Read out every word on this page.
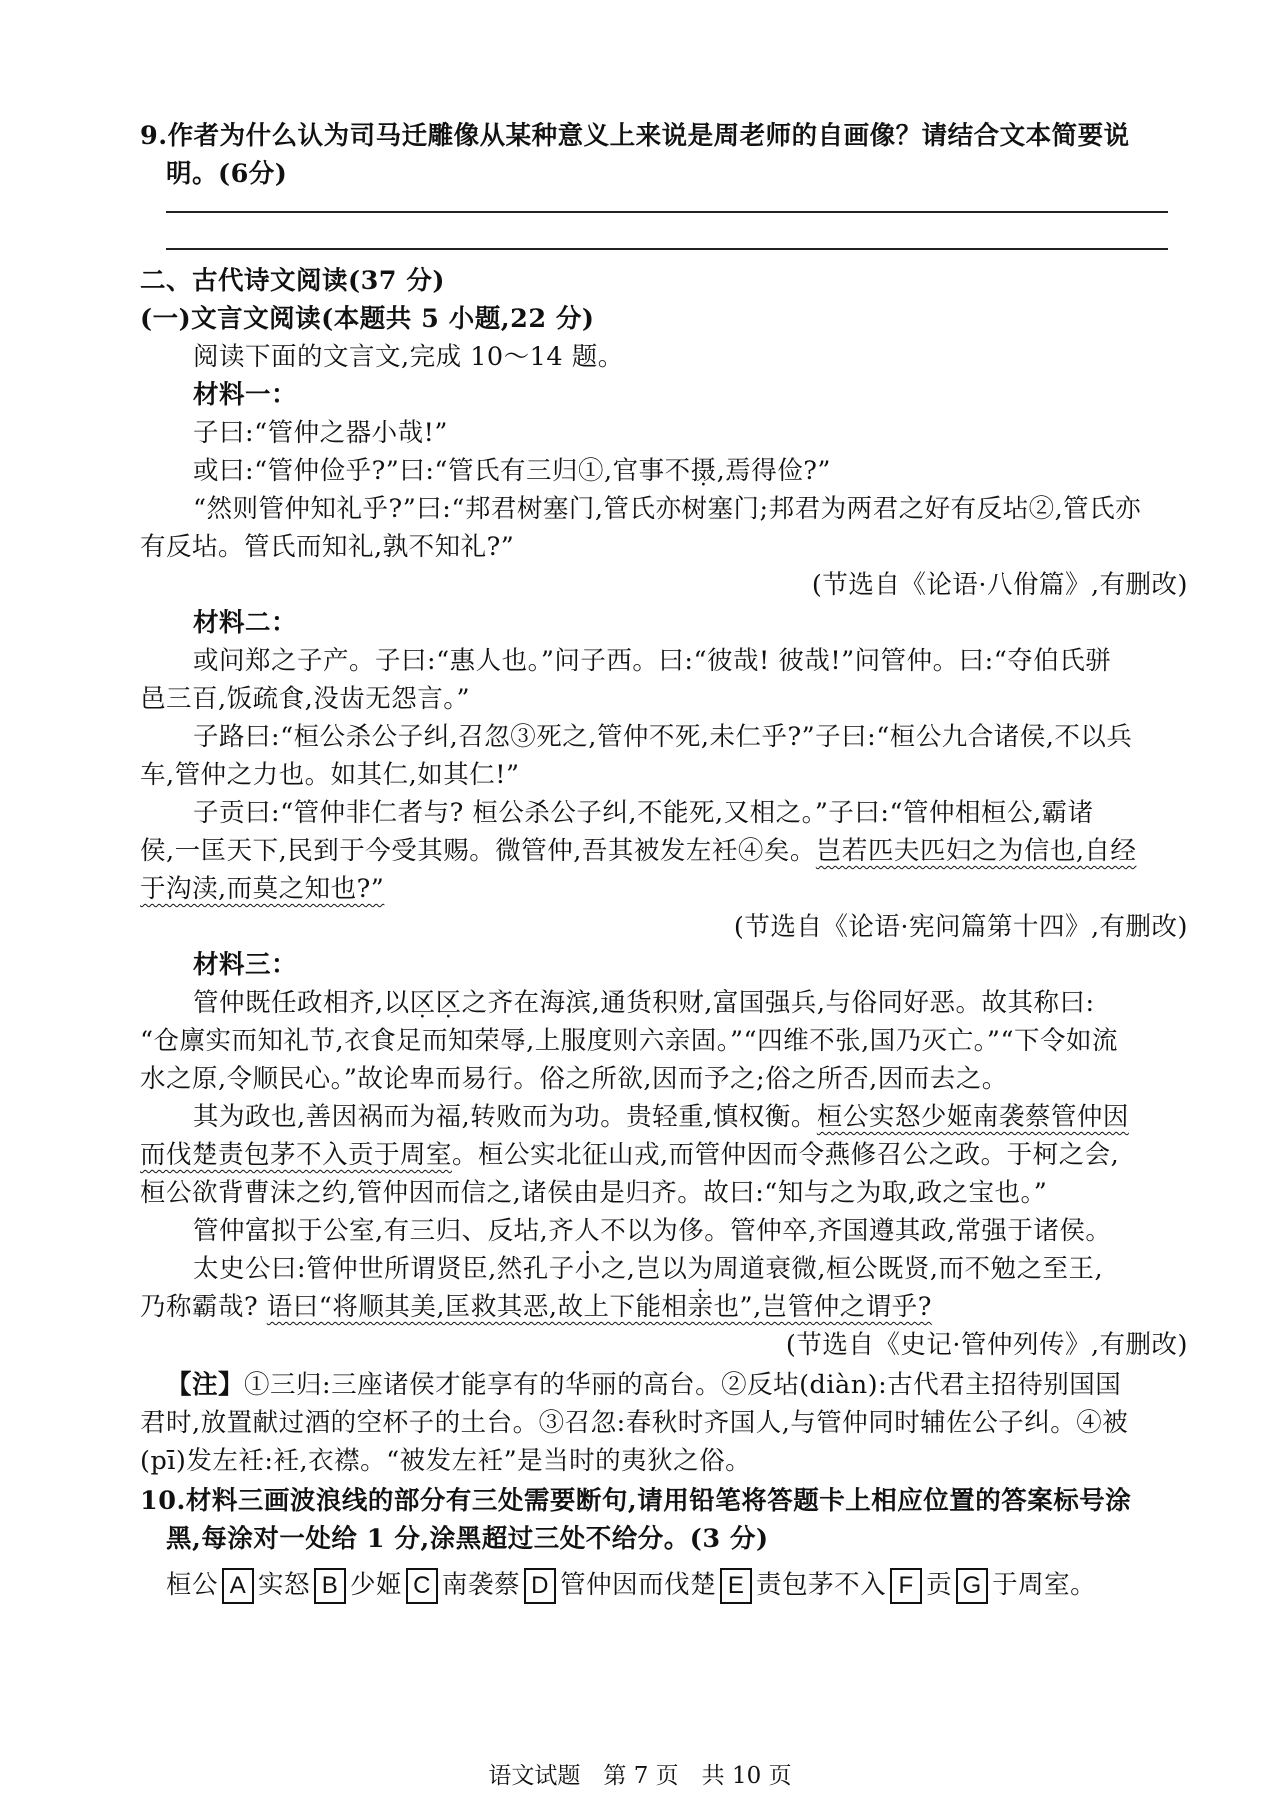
9.作者为什么认为司马迁雕像从某种意义上来说是周老师的自画像？请结合文本简要说
明。(6分)
二、古代诗文阅读(37 分)
(一)文言文阅读(本题共 5 小题,22 分)
阅读下面的文言文,完成 10～14 题。
材料一：
子曰:“管仲之器小哉!”
或曰:“管仲俭乎?”曰:“管氏有三归①,官事不摄,焉得俭?”
“然则管仲知礼乎?”曰:“邦君树塞门,管氏亦树塞门;邦君为两君之好有反坫②,管氏亦
有反坫。管氏而知礼,孰不知礼?”
(节选自《论语·八佾篇》,有删改)
材料二：
或问郑之子产。子曰:“惠人也。”问子西。曰:“彼哉! 彼哉!”问管仲。曰:“夺伯氏骈
邑三百,饭疏食,没齿无怨言。”
子路曰:“桓公杀公子纠,召忽③死之,管仲不死,未仁乎?”子曰:“桓公九合诸侯,不以兵
车,管仲之力也。如其仁,如其仁!”
子贡曰:“管仲非仁者与? 桓公杀公子纠,不能死,又相之。”子曰:“管仲相桓公,霸诸
侯,一匡天下,民到于今受其赐。微管仲,吾其被发左衽④矣。岂若匹夫匹妇之为信也,自经
于沟渎,而莫之知也?”
(节选自《论语·宪问篇第十四》,有删改)
材料三：
管仲既任政相齐,以区区之齐在海滨,通货积财,富国强兵,与俗同好恶。故其称曰:
“仓廪实而知礼节,衣食足而知荣辱,上服度则六亲固。”“四维不张,国乃灭亡。”“下令如流
水之原,令顺民心。”故论卑而易行。俗之所欲,因而予之;俗之所否,因而去之。
其为政也,善因祸而为福,转败而为功。贵轻重,慎权衡。桓公实怒少姬南袭蔡管仲因
而伐楚责包茅不入贡于周室。桓公实北征山戎,而管仲因而令燕修召公之政。于柯之会,
桓公欲背曹沫之约,管仲因而信之,诸侯由是归齐。故曰:“知与之为取,政之宝也。”
管仲富拟于公室,有三归、反坫,齐人不以为侈。管仲卒,齐国遵其政,常强于诸侯。
太史公曰:管仲世所谓贤臣,然孔子小之,岂以为周道衰微,桓公既贤,而不勉之至王,
乃称霸哉? 语曰“将顺其美,匡救其恶,故上下能相亲也”,岂管仲之谓乎?
(节选自《史记·管仲列传》,有删改)
【注】①三归:三座诸侯才能享有的华丽的高台。②反坫(diàn):古代君主招待别国国
君时,放置献过酒的空杯子的土台。③召忽:春秋时齐国人,与管仲同时辅佐公子纠。④被
(pī)发左衽:衽,衣襟。“被发左衽”是当时的夷狄之俗。
10.材料三画波浪线的部分有三处需要断句,请用铅笔将答题卡上相应位置的答案标号涂
黑,每涂对一处给 1 分,涂黑超过三处不给分。(3 分)
桓公 A 实怒 B 少姬 C 南袭蔡 D 管仲因而伐楚 E 责包茅不入 F 贡 G 于周室。
语文试题　第 7 页　共 10 页
